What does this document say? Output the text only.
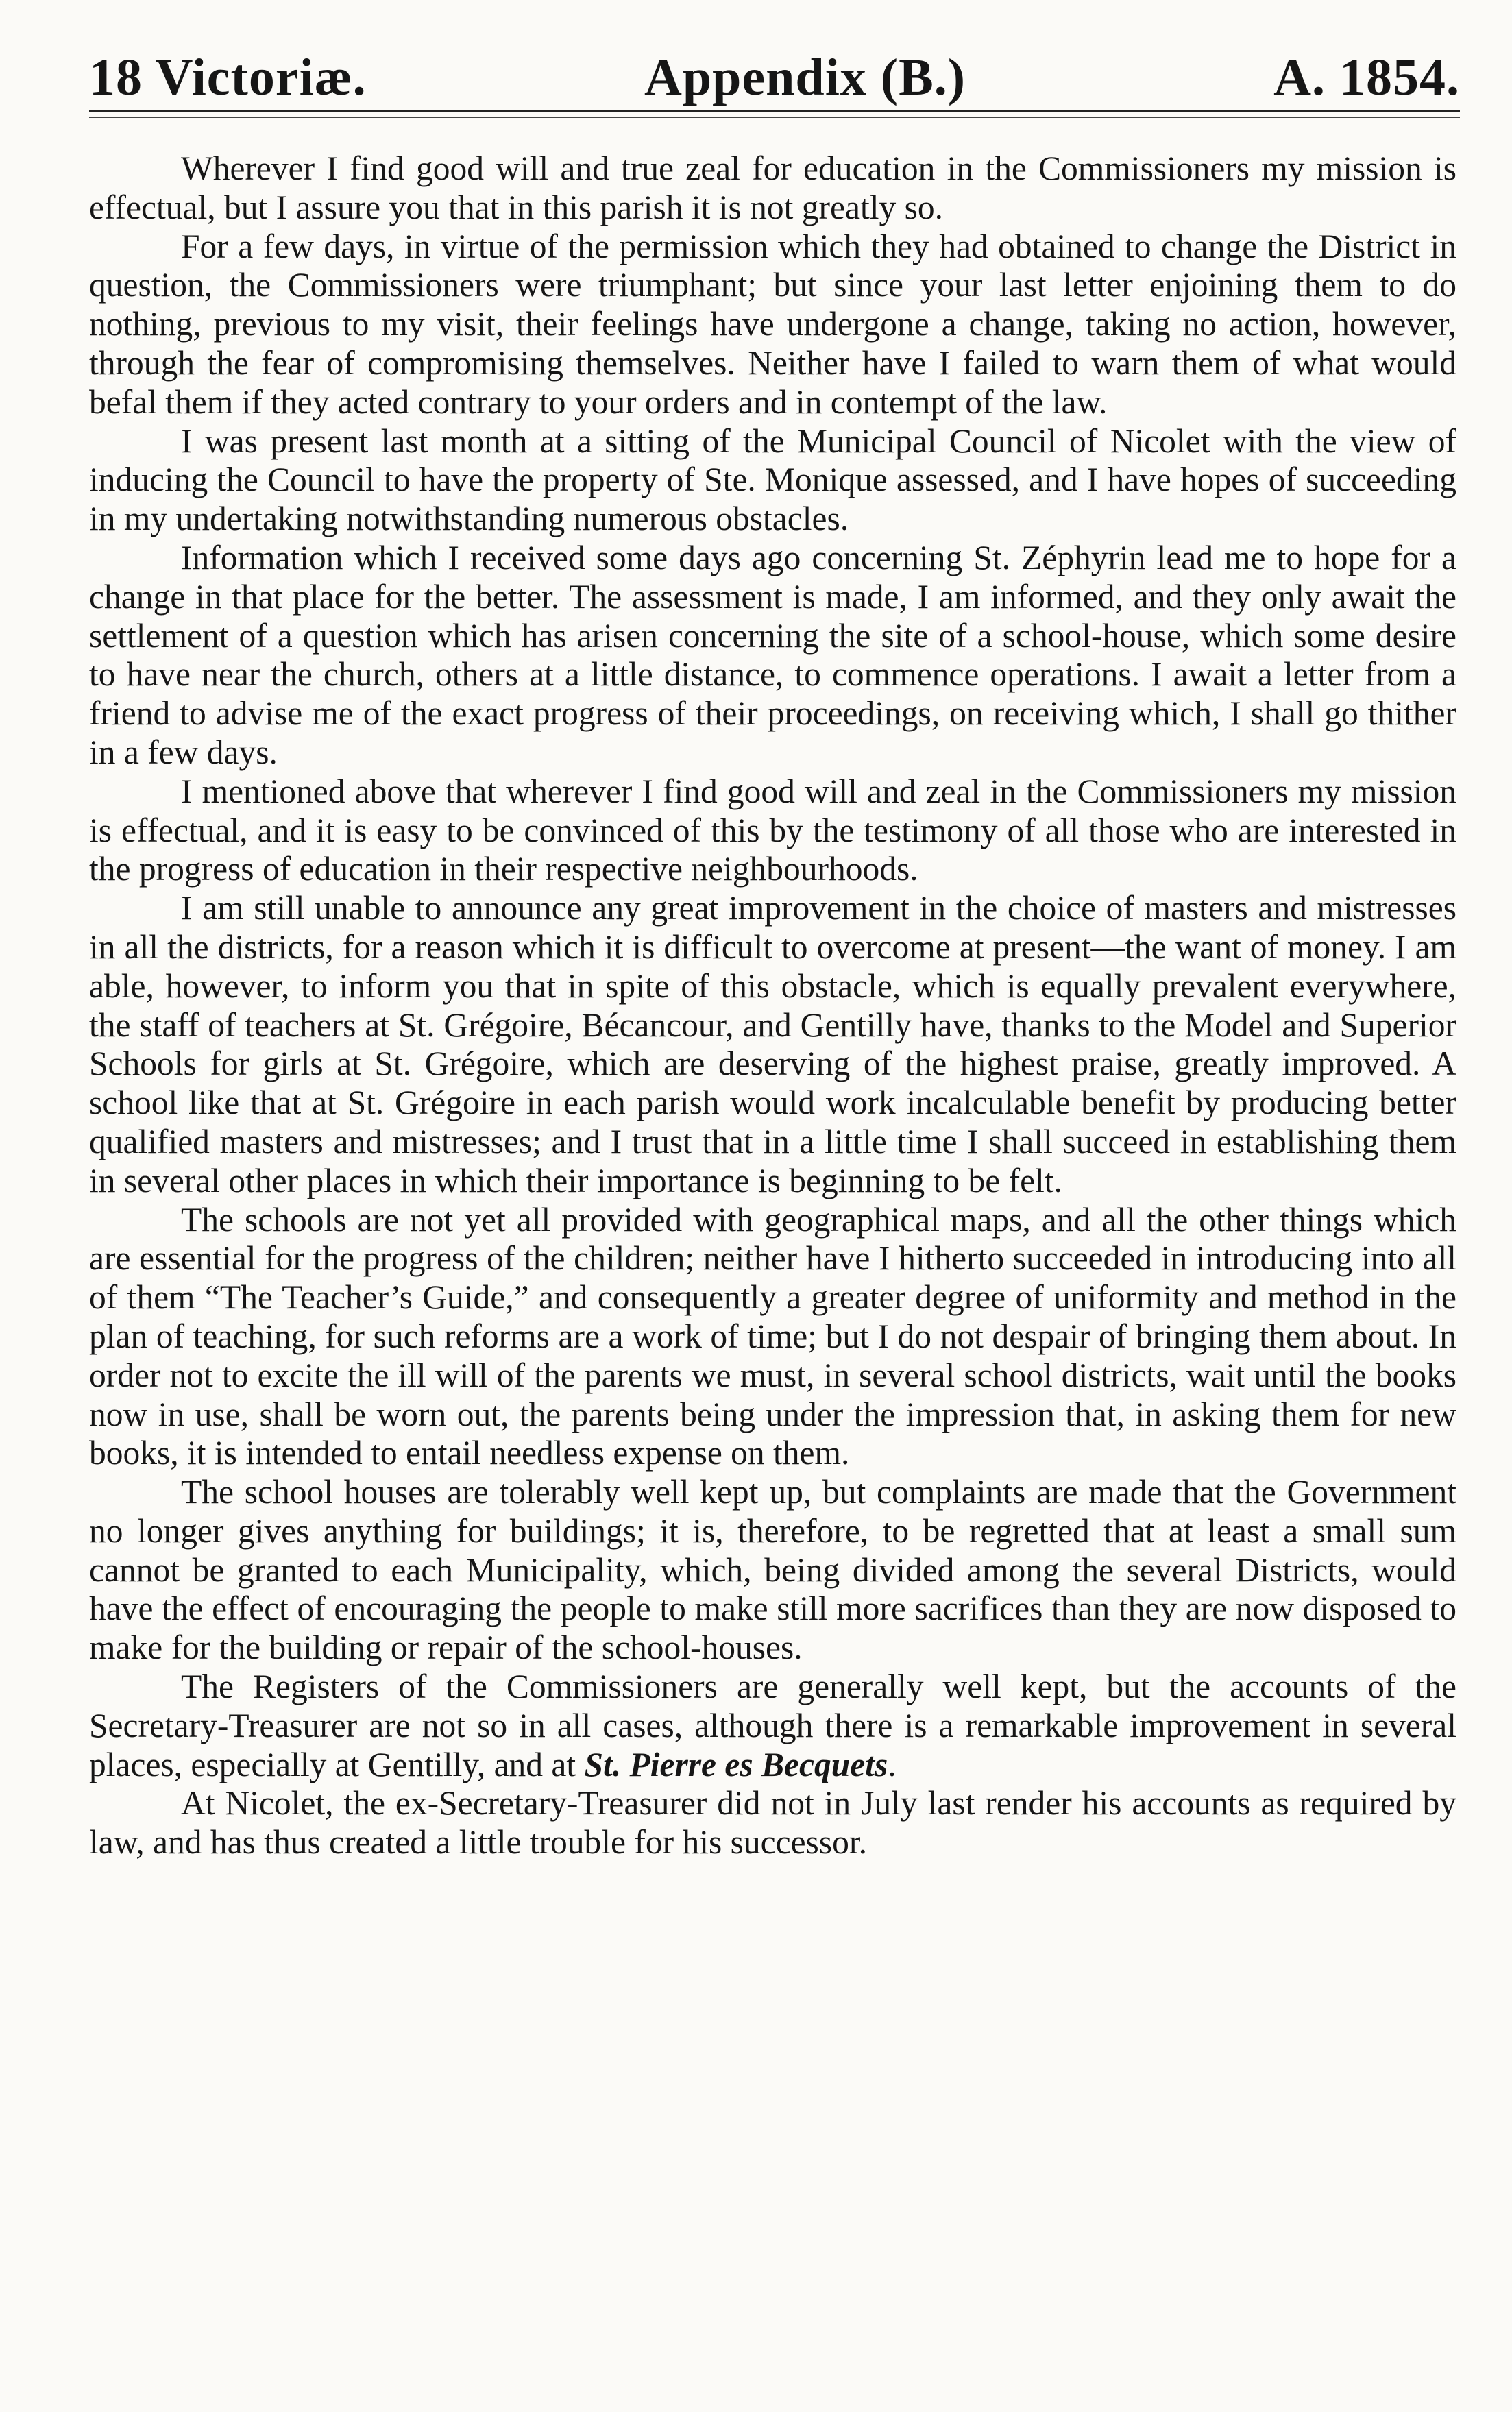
18 Victoriæ.	Appendix (B.)	A. 1854.

Wherever I find good will and true zeal for education in the Commissioners my mission is effectual, but I assure you that in this parish it is not greatly so.

For a few days, in virtue of the permission which they had obtained to change the District in question, the Commissioners were triumphant; but since your last letter enjoining them to do nothing, previous to my visit, their feelings have undergone a change, taking no action, however, through the fear of compromising themselves. Neither have I failed to warn them of what would befal them if they acted contrary to your orders and in contempt of the law.

I was present last month at a sitting of the Municipal Council of Nicolet with the view of inducing the Council to have the property of Ste. Monique assessed, and I have hopes of succeeding in my undertaking notwithstanding numerous obstacles.

Information which I received some days ago concerning St. Zéphyrin lead me to hope for a change in that place for the better. The assessment is made, I am informed, and they only await the settlement of a question which has arisen concerning the site of a school-house, which some desire to have near the church, others at a little distance, to commence operations. I await a letter from a friend to advise me of the exact progress of their proceedings, on receiving which, I shall go thither in a few days.

I mentioned above that wherever I find good will and zeal in the Commissioners my mission is effectual, and it is easy to be convinced of this by the testimony of all those who are interested in the progress of education in their respective neighbourhoods.

I am still unable to announce any great improvement in the choice of masters and mistresses in all the districts, for a reason which it is difficult to overcome at present—the want of money. I am able, however, to inform you that in spite of this obstacle, which is equally prevalent everywhere, the staff of teachers at St. Grégoire, Bécancour, and Gentilly have, thanks to the Model and Superior Schools for girls at St. Grégoire, which are deserving of the highest praise, greatly improved. A school like that at St. Grégoire in each parish would work incalculable benefit by producing better qualified masters and mistresses; and I trust that in a little time I shall succeed in establishing them in several other places in which their importance is beginning to be felt.

The schools are not yet all provided with geographical maps, and all the other things which are essential for the progress of the children; neither have I hitherto succeeded in introducing into all of them “The Teacher’s Guide,” and consequently a greater degree of uniformity and method in the plan of teaching, for such reforms are a work of time; but I do not despair of bringing them about. In order not to excite the ill will of the parents we must, in several school districts, wait until the books now in use, shall be worn out, the parents being under the impression that, in asking them for new books, it is intended to entail needless expense on them.

The school houses are tolerably well kept up, but complaints are made that the Government no longer gives anything for buildings; it is, therefore, to be regretted that at least a small sum cannot be granted to each Municipality, which, being divided among the several Districts, would have the effect of encouraging the people to make still more sacrifices than they are now disposed to make for the building or repair of the school-houses.

The Registers of the Commissioners are generally well kept, but the accounts of the Secretary-Treasurer are not so in all cases, although there is a remarkable improvement in several places, especially at Gentilly, and at St. Pierre es Becquets.

At Nicolet, the ex-Secretary-Treasurer did not in July last render his accounts as required by law, and has thus created a little trouble for his successor.
